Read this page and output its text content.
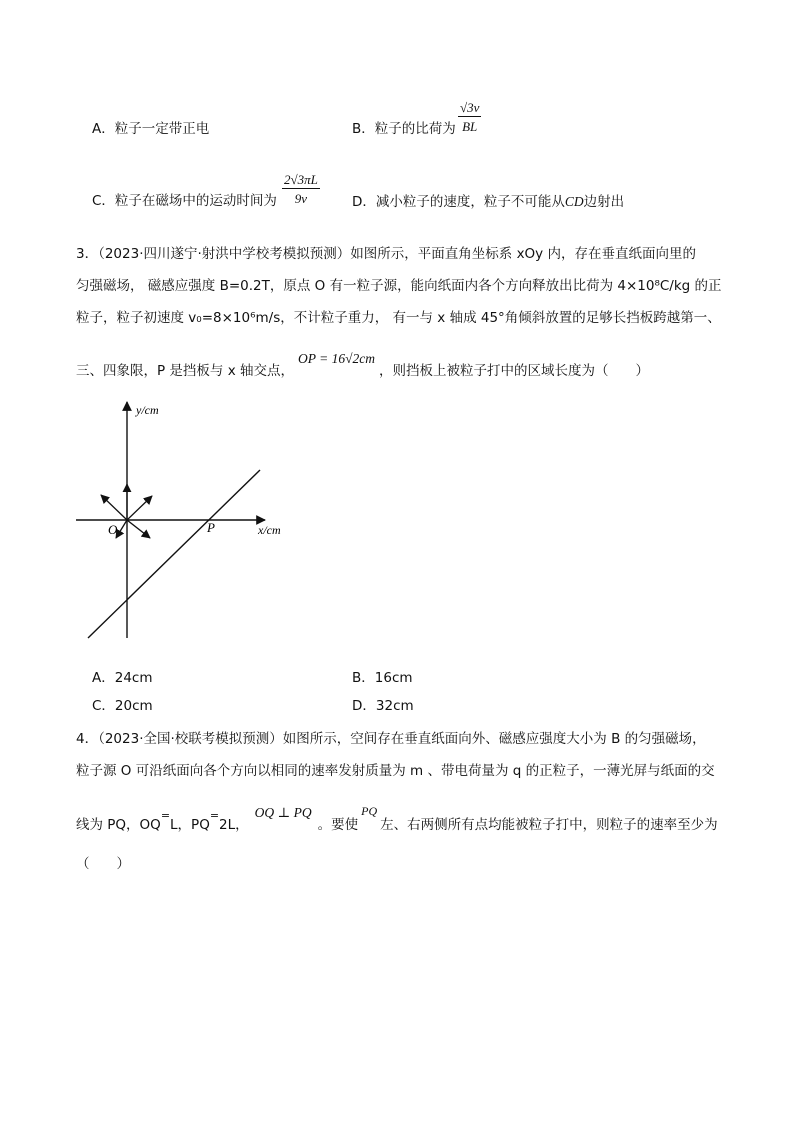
A．粒子一定带正电	B．粒子的比荷为 $\frac{√3v}{BL}$
C．粒子在磁场中的运动时间为 $\frac{2√3\pi L}{9v}$ D．减小粒子的速度，粒子不可能从CD边射出
3．（2023·四川遂宁·射洪中学校考模拟预测）如图所示，平面直角坐标系 xOy 内，存在垂直纸面向里的
匀强磁场， 磁感应强度 B=0.2T，原点 O 有一粒子源，能向纸面内各个方向释放出比荷为 4×10⁸C/kg 的正
粒子，粒子初速度 v₀=8×10⁶m/s，不计粒子重力， 有一与 x 轴成 45°角倾斜放置的足够长挡板跨越第一、
三、四象限，P 是挡板与 x 轴交点，OP = 16√2cm，则挡板上被粒子打中的区域长度为（　　）
y/cm
x/cm
O	P
A．24cm	B．16cm
C．20cm	D．32cm
4．（2023·全国·校联考模拟预测）如图所示，空间存在垂直纸面向外、磁感应强度大小为 B 的匀强磁场，
粒子源 O 可沿纸面向各个方向以相同的速率发射质量为 m 、带电荷量为 q 的正粒子，一薄光屏与纸面的交
线为 PQ，OQ=L，PQ=2L，OQ ⊥ PQ。要使PQ左、右两侧所有点均能被粒子打中，则粒子的速率至少为
（　　）
